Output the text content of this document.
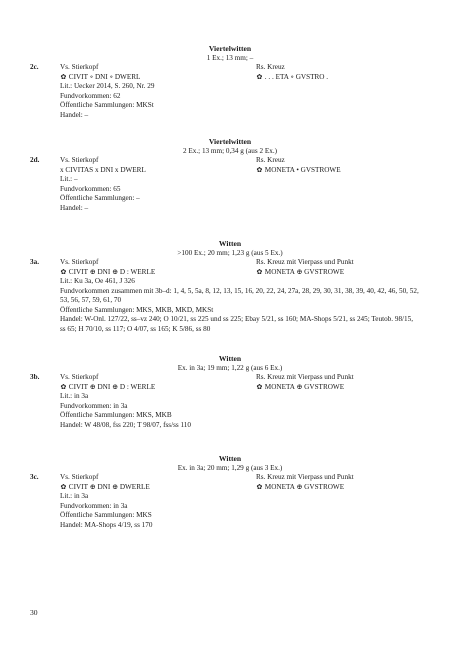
Viertelwitten
1 Ex.; 13 mm; –
2c.	Vs. Stierkopf	Rs. Kreuz
✿ CIVIT ∘ DNI ∘ DWERL	✿ . . . ETA ∘ GVSTRO .
Lit.: Uecker 2014, S. 260, Nr. 29
Fundvorkommen: 62
Öffentliche Sammlungen: MKSt
Handel: –
Viertelwitten
2 Ex.; 13 mm; 0,34 g (aus 2 Ex.)
2d.	Vs. Stierkopf	Rs. Kreuz
x CIVITAS x DNI x DWERL	✿ MONETA • GVSTROWE
Lit.: –
Fundvorkommen: 65
Öffentliche Sammlungen: –
Handel: –
Witten
>100 Ex.; 20 mm; 1,23 g (aus 5 Ex.)
3a.	Vs. Stierkopf	Rs. Kreuz mit Vierpass und Punkt
✿ CIVIT ⊕ DNI ⊕ D : WERLE	✿ MONETA ⊕ GVSTROWE
Lit.: Ku 3a, Oe 461, J 326
Fundvorkommen zusammen mit 3b–d: 1, 4, 5, 5a, 8, 12, 13, 15, 16, 20, 22, 24, 27a, 28, 29, 30, 31, 38, 39, 40, 42, 46, 50, 52, 53, 56, 57, 59, 61, 70
Öffentliche Sammlungen: MKS, MKB, MKD, MKSt
Handel: W-Onl. 127/22, ss–vz 240; O 10/21, ss 225 und ss 225; Ebay 5/21, ss 160; MA-Shops 5/21, ss 245; Teutob. 98/15, ss 65; H 70/10, ss 117; O 4/07, ss 165; K 5/86, ss 80
Witten
Ex. in 3a; 19 mm; 1,22 g (aus 6 Ex.)
3b.	Vs. Stierkopf	Rs. Kreuz mit Vierpass und Punkt
✿ CIVIT ⊕ DNI ⊕ D : WERLE	✿ MONETA ⊕ GVSTROWE
Lit.: in 3a
Fundvorkommen: in 3a
Öffentliche Sammlungen: MKS, MKB
Handel: W 48/08, fss 220; T 98/07, fss/ss 110
Witten
Ex. in 3a; 20 mm; 1,29 g (aus 3 Ex.)
3c.	Vs. Stierkopf	Rs. Kreuz mit Vierpass und Punkt
✿ CIVIT ⊕ DNI ⊕ DWERLE	✿ MONETA ⊕ GVSTROWE
Lit.: in 3a
Fundvorkommen: in 3a
Öffentliche Sammlungen: MKS
Handel: MA-Shops 4/19, ss 170
30
